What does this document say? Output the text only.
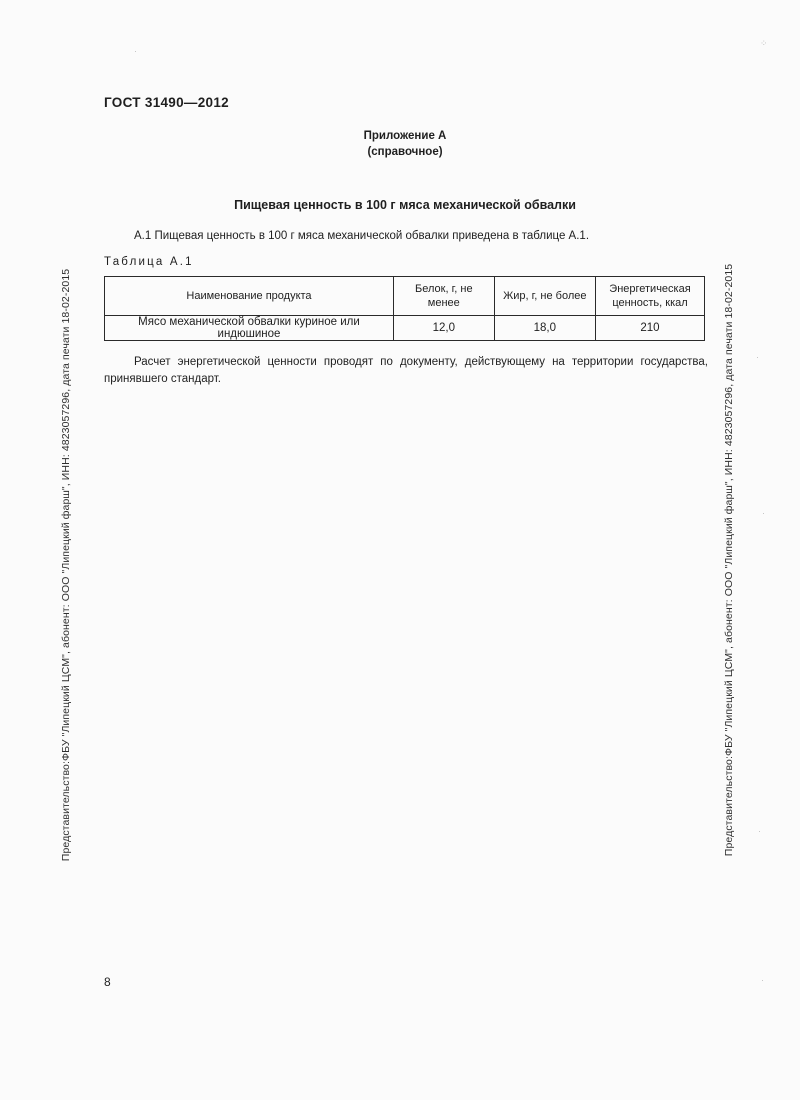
ГОСТ 31490—2012
Приложение А
(справочное)
Пищевая ценность в 100 г мяса механической обвалки
А.1 Пищевая ценность в 100 г мяса механической обвалки приведена в таблице А.1.
Таблица А.1
Наименование продукта	Белок, г, не менее	Жир, г, не более	Энергетическая ценность, ккал
Мясо механической обвалки куриное или индюшиное	12,0	18,0	210
Расчет энергетической ценности проводят по документу, действующему на территории государства, принявшего стандарт.
Представительство:ФБУ "Липецкий ЦСМ", абонент: ООО "Липецкий фарш", ИНН: 4823057296, дата печати 18-02-2015	Представительство:ФБУ "Липецкий ЦСМ", абонент: ООО "Липецкий фарш", ИНН: 4823057296, дата печати 18-02-2015
8
⁘
·
·
·
·
·
